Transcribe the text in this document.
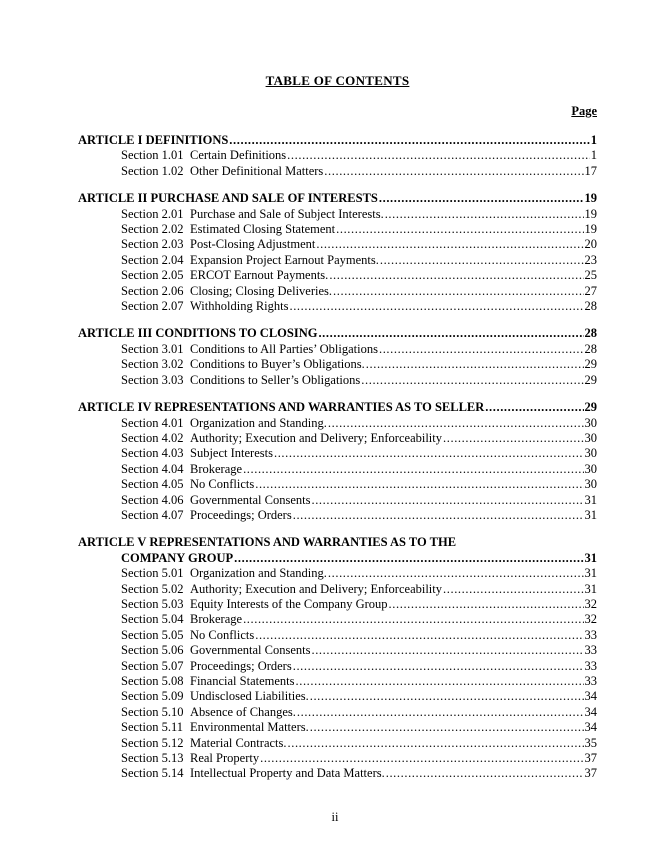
TABLE OF CONTENTS
Page
ARTICLE I DEFINITIONS .....	1
Section 1.01 Certain Definitions .....	1
Section 1.02 Other Definitional Matters .....	17
ARTICLE II PURCHASE AND SALE OF INTERESTS .....	19
Section 2.01 Purchase and Sale of Subject Interests. .....	19
Section 2.02 Estimated Closing Statement .....	19
Section 2.03 Post-Closing Adjustment .....	20
Section 2.04 Expansion Project Earnout Payments. .....	23
Section 2.05 ERCOT Earnout Payments. .....	25
Section 2.06 Closing; Closing Deliveries. .....	27
Section 2.07 Withholding Rights .....	28
ARTICLE III CONDITIONS TO CLOSING .....	28
Section 3.01 Conditions to All Parties’ Obligations .....	28
Section 3.02 Conditions to Buyer’s Obligations. .....	29
Section 3.03 Conditions to Seller’s Obligations .....	29
ARTICLE IV REPRESENTATIONS AND WARRANTIES AS TO SELLER .....	29
Section 4.01 Organization and Standing. .....	30
Section 4.02 Authority; Execution and Delivery; Enforceability .....	30
Section 4.03 Subject Interests .....	30
Section 4.04 Brokerage .....	30
Section 4.05 No Conflicts .....	30
Section 4.06 Governmental Consents .....	31
Section 4.07 Proceedings; Orders .....	31
ARTICLE V REPRESENTATIONS AND WARRANTIES AS TO THE
COMPANY GROUP .....	31
Section 5.01 Organization and Standing. .....	31
Section 5.02 Authority; Execution and Delivery; Enforceability .....	31
Section 5.03 Equity Interests of the Company Group .....	32
Section 5.04 Brokerage .....	32
Section 5.05 No Conflicts .....	33
Section 5.06 Governmental Consents .....	33
Section 5.07 Proceedings; Orders .....	33
Section 5.08 Financial Statements .....	33
Section 5.09 Undisclosed Liabilities. .....	34
Section 5.10 Absence of Changes. .....	34
Section 5.11 Environmental Matters. .....	34
Section 5.12 Material Contracts. .....	35
Section 5.13 Real Property .....	37
Section 5.14 Intellectual Property and Data Matters. .....	37
ii
